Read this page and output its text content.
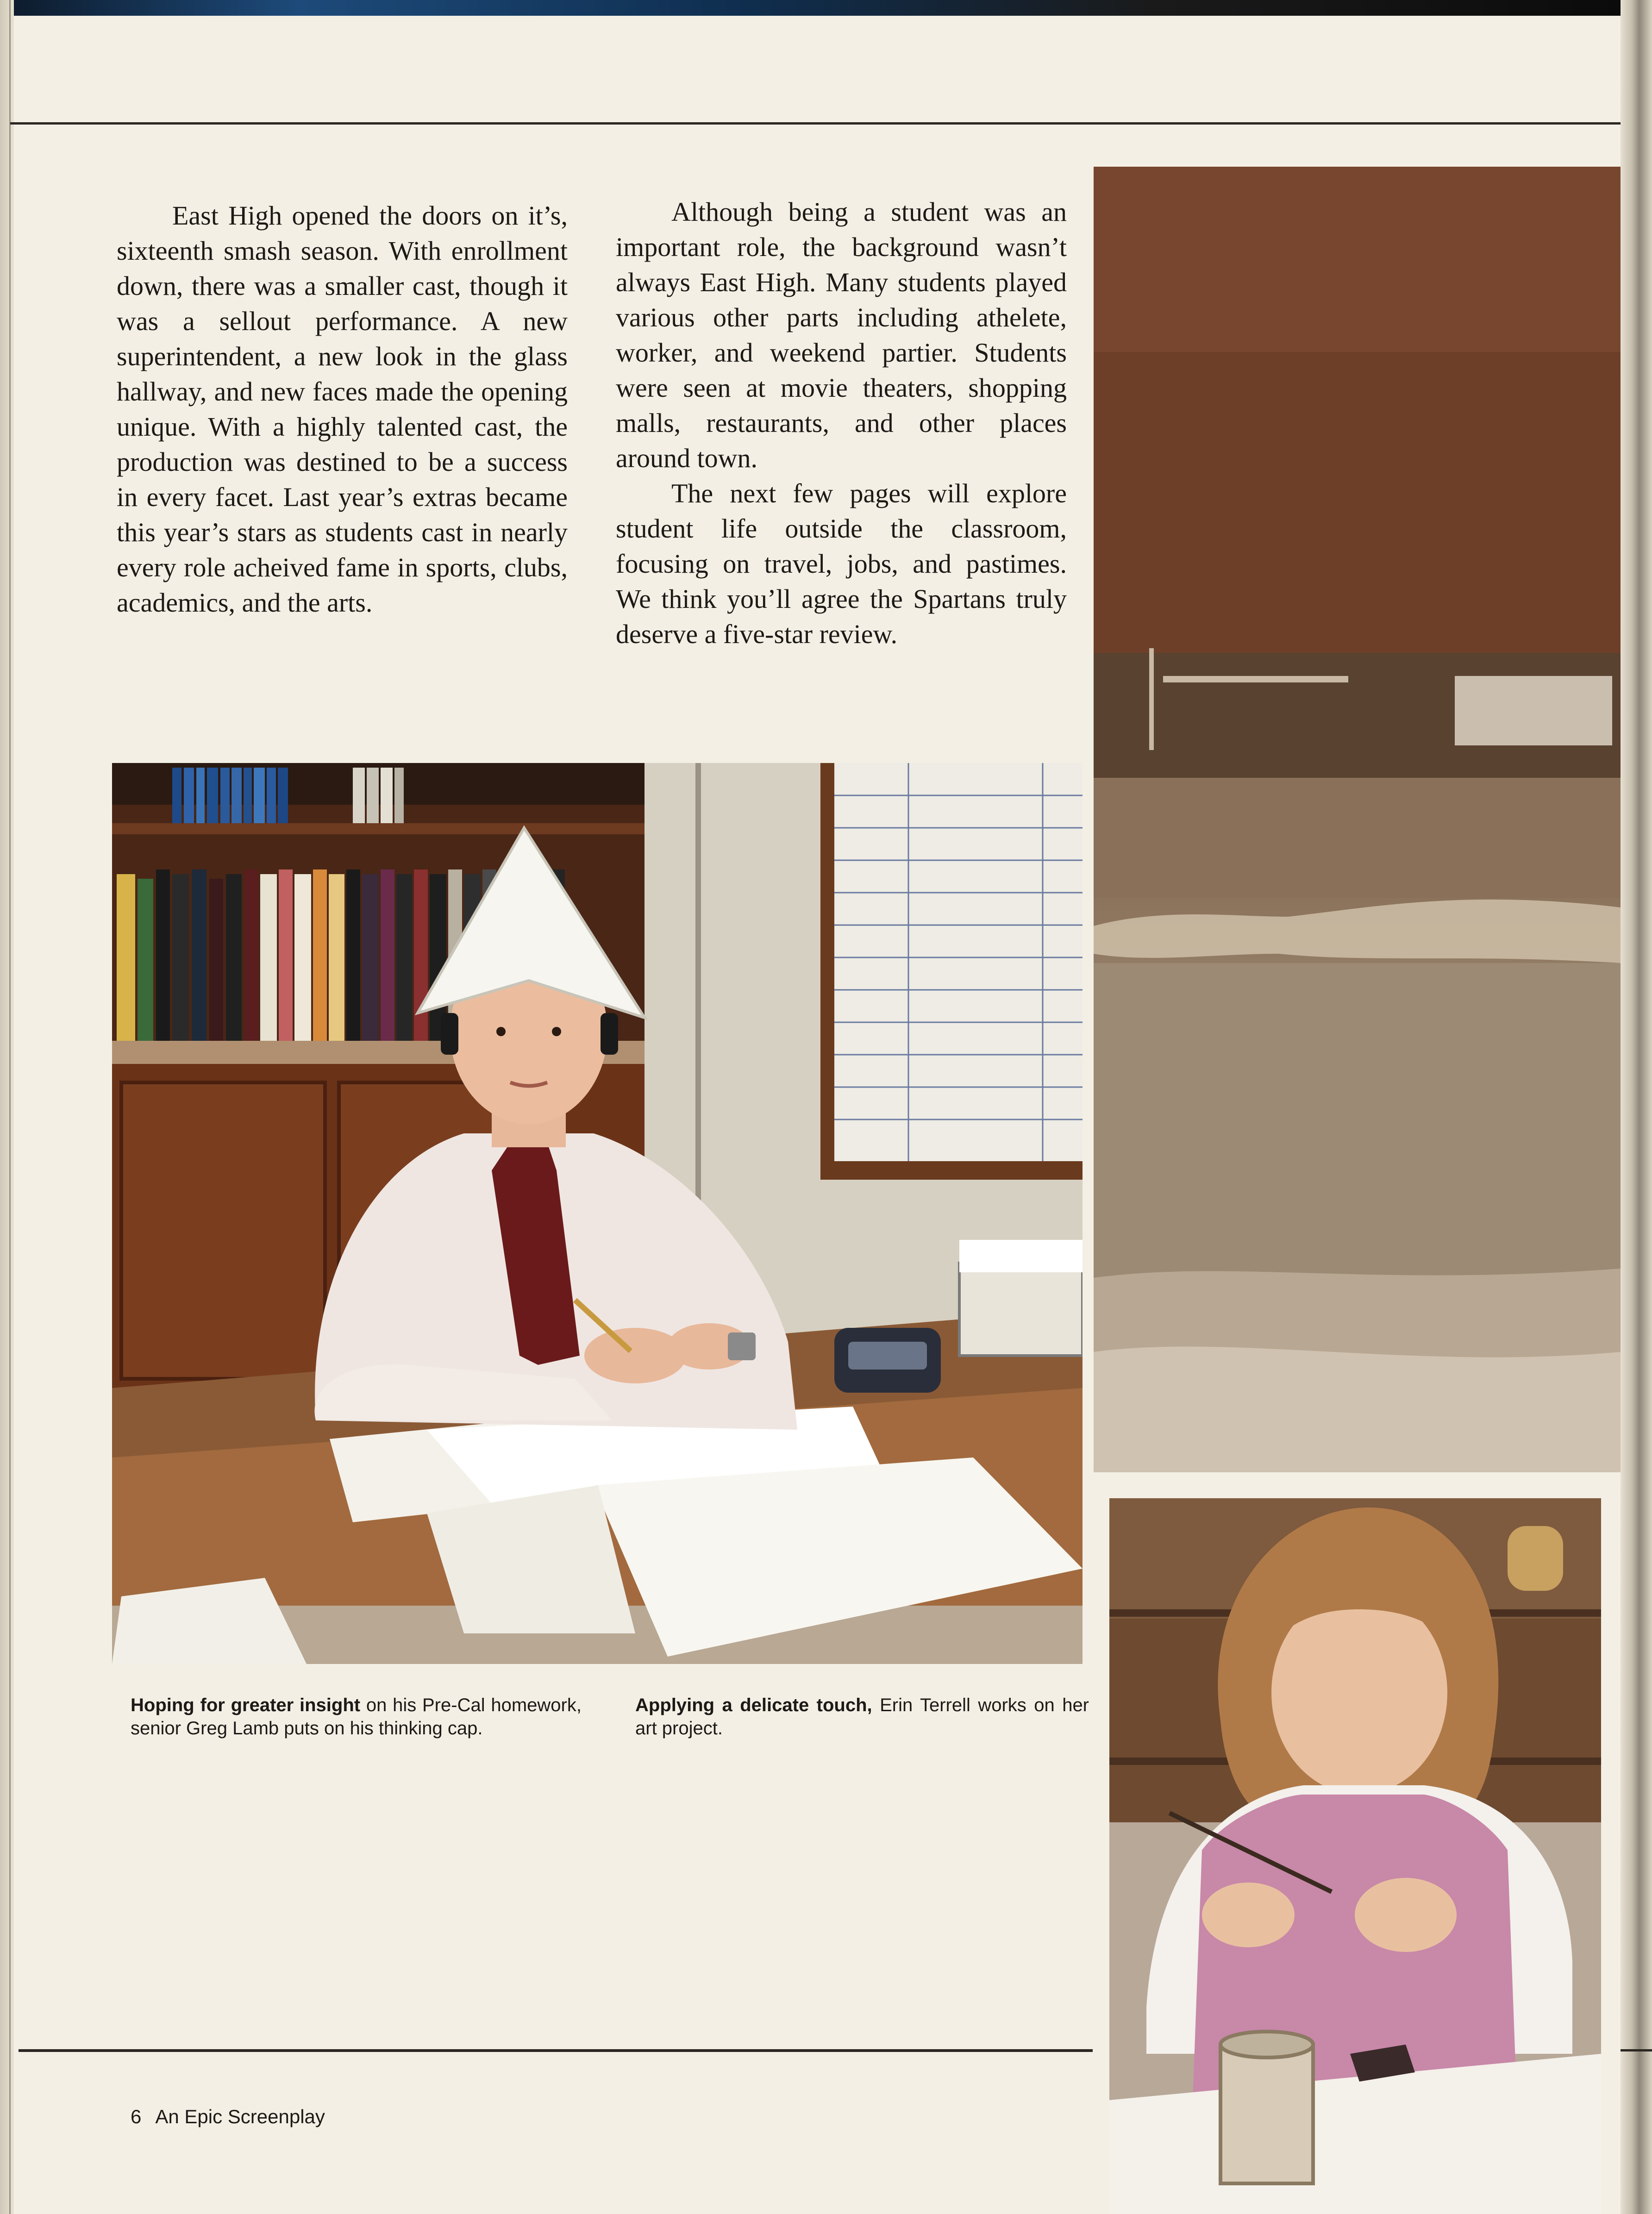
East High opened the doors on it’s, sixteenth smash season. With enrollment down, there was a smaller cast, though it was a sellout performance. A new superintendent, a new look in the glass hallway, and new faces made the opening unique. With a highly talented cast, the production was destined to be a success in every facet. Last year’s extras became this year’s stars as students cast in nearly every role acheived fame in sports, clubs, academics, and the arts.

Although being a student was an important role, the background wasn’t always East High. Many students played various other parts including athelete, worker, and weekend partier. Students were seen at movie theaters, shopping malls, restaurants, and other places around town.

The next few pages will explore student life outside the classroom, focusing on travel, jobs, and pastimes. We think you’ll agree the Spartans truly deserve a five-star review.

Hoping for greater insight on his Pre-Cal homework, senior Greg Lamb puts on his thinking cap.
Applying a delicate touch, Erin Terrell works on her art project.
6 An Epic Screenplay
